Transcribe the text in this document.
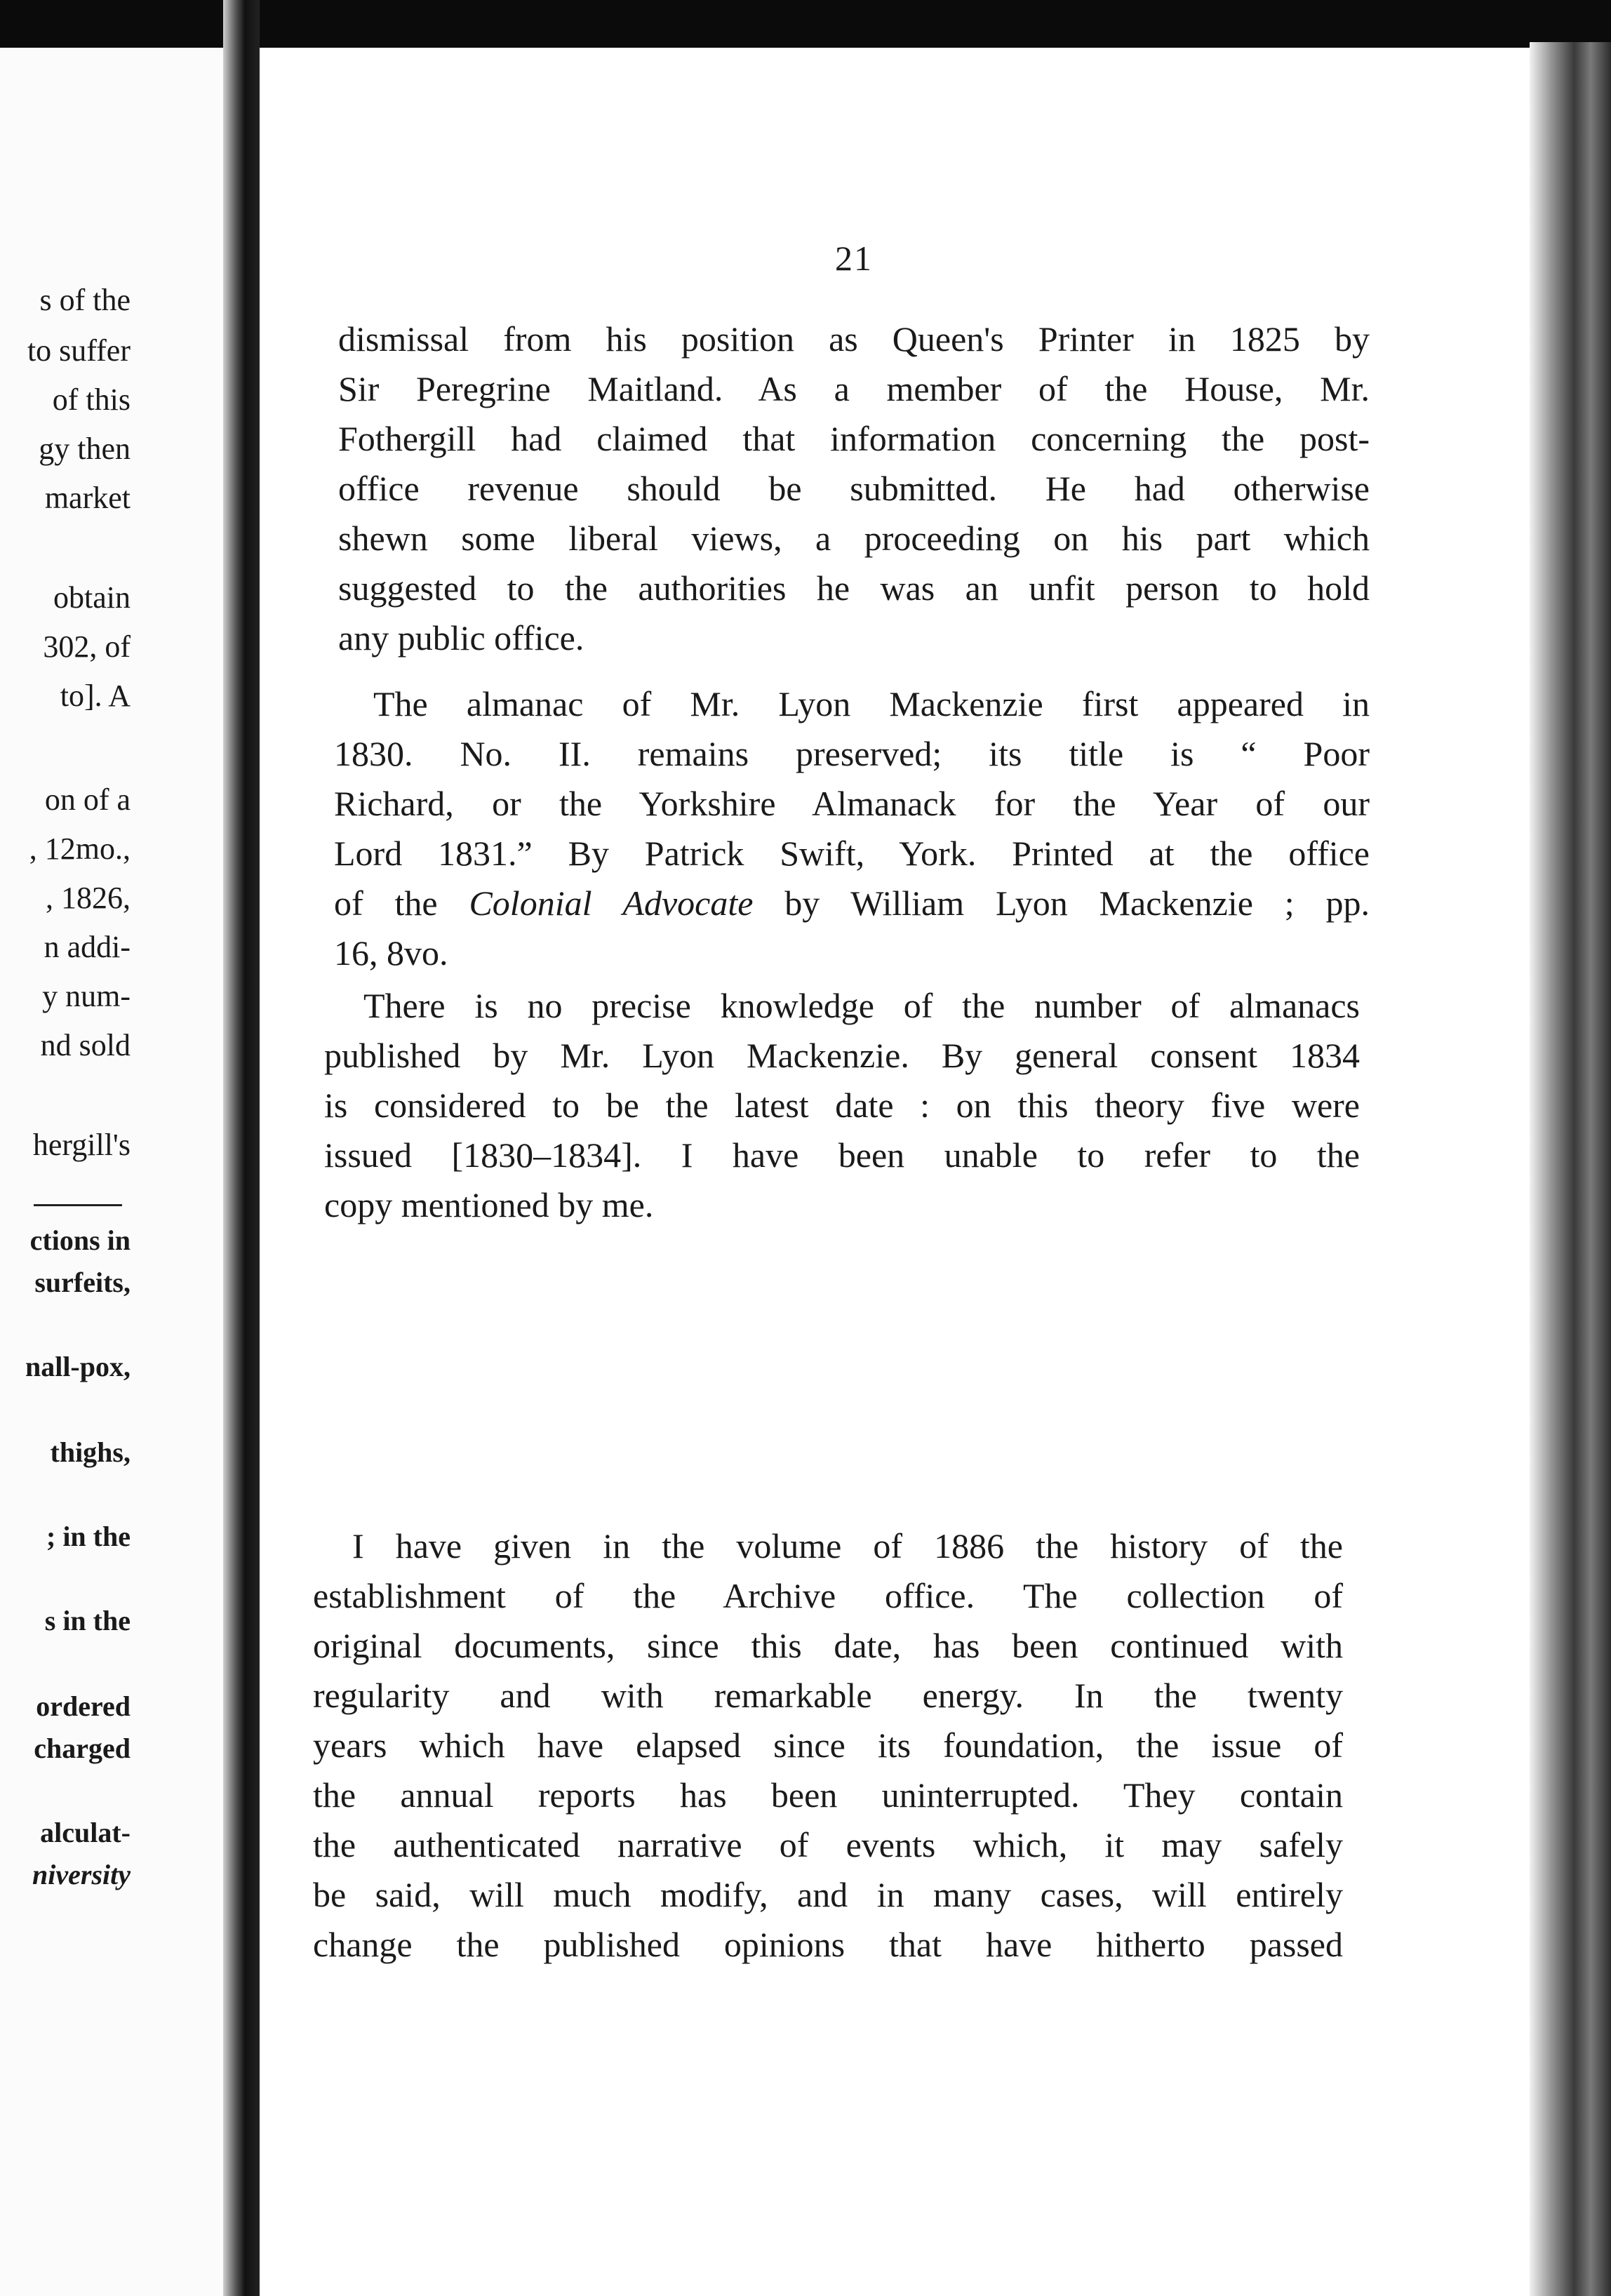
s of the
to suffer
of this
gy then
market
obtain
302, of
to]. A
on of a
, 12mo.,
, 1826,
n addi-
y num-
nd sold
hergill's
ctions in
surfeits,
nall-pox,
thighs,
; in the
s in the
ordered
charged
alculat-
niversity
21
dismissal from his position as Queen's Printer in 1825 by
Sir Peregrine Maitland. As a member of the House, Mr.
Fothergill had claimed that information concerning the post-
office revenue should be submitted. He had otherwise
shewn some liberal views, a proceeding on his part which
suggested to the authorities he was an unfit person to hold
any public office.
The almanac of Mr. Lyon Mackenzie first appeared in
1830. No. II. remains preserved; its title is “ Poor
Richard, or the Yorkshire Almanack for the Year of our
Lord 1831.” By Patrick Swift, York. Printed at the office
of the Colonial Advocate by William Lyon Mackenzie ; pp.
16, 8vo.
There is no precise knowledge of the number of almanacs
published by Mr. Lyon Mackenzie. By general consent 1834
is considered to be the latest date : on this theory five were
issued [1830–1834]. I have been unable to refer to the
copy mentioned by me.
I have given in the volume of 1886 the history of the
establishment of the Archive office. The collection of
original documents, since this date, has been continued with
regularity and with remarkable energy. In the twenty
years which have elapsed since its foundation, the issue of
the annual reports has been uninterrupted. They contain
the authenticated narrative of events which, it may safely
be said, will much modify, and in many cases, will entirely
change the published opinions that have hitherto passed
